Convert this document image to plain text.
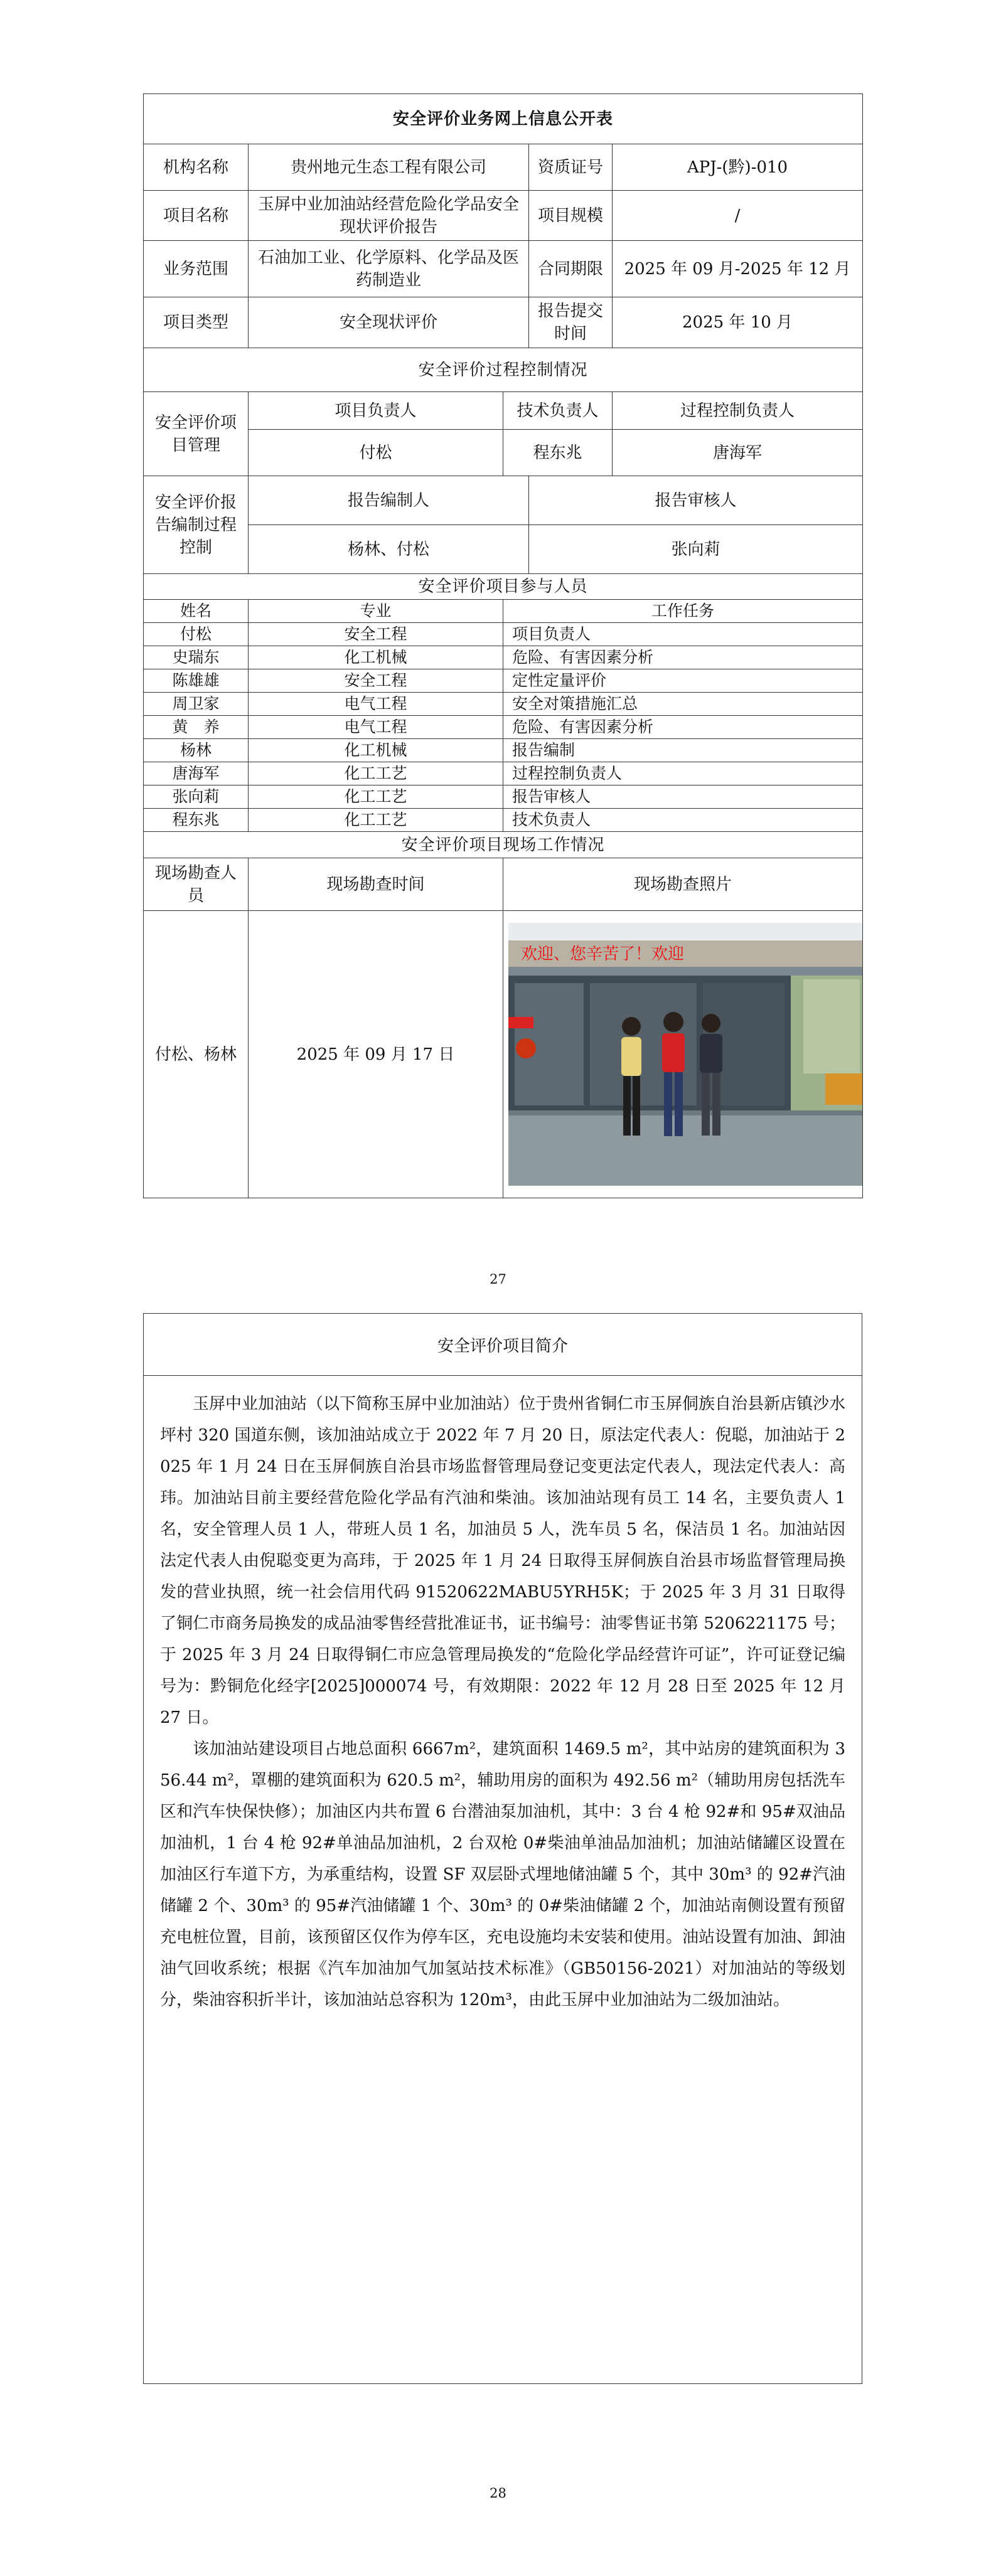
安全评价业务网上信息公开表				
机构名称	贵州地元生态工程有限公司		资质证号	APJ-(黔)-010
项目名称	玉屏中业加油站经营危险化学品安全现状评价报告		项目规模	/
业务范围	石油加工业、化学原料、化学品及医药制造业		合同期限	2025 年 09 月-2025 年 12 月
项目类型	安全现状评价		报告提交时间	2025 年 10 月
安全评价过程控制情况				
安全评价项目管理	项目负责人	技术负责人		过程控制负责人
	付松	程东兆		唐海军
安全评价报告编制过程控制	报告编制人		报告审核人	
	杨林、付松		张向莉	
安全评价项目参与人员				
姓名	专业	工作任务		
付松	安全工程	项目负责人		
史瑞东	化工机械	危险、有害因素分析		
陈雄雄	安全工程	定性定量评价		
周卫家	电气工程	安全对策措施汇总		
黄　养	电气工程	危险、有害因素分析		
杨林	化工机械	报告编制		
唐海军	化工工艺	过程控制负责人		
张向莉	化工工艺	报告审核人		
程东兆	化工工艺	技术负责人		
安全评价项目现场工作情况				
现场勘查人员	现场勘查时间	现场勘查照片		
付松、杨林	2025 年 09 月 17 日	欢迎、您辛苦了！欢迎		
27
安全评价项目简介

玉屏中业加油站（以下简称玉屏中业加油站）位于贵州省铜仁市玉屏侗族自治县新店镇沙水坪村 320 国道东侧，该加油站成立于 2022 年 7 月 20 日，原法定代表人：倪聪，加油站于 2025 年 1 月 24 日在玉屏侗族自治县市场监督管理局登记变更法定代表人，现法定代表人：高玮。加油站目前主要经营危险化学品有汽油和柴油。该加油站现有员工 14 名，主要负责人 1 名，安全管理人员 1 人，带班人员 1 名，加油员 5 人，洗车员 5 名，保洁员 1 名。加油站因法定代表人由倪聪变更为高玮，于 2025 年 1 月 24 日取得玉屏侗族自治县市场监督管理局换发的营业执照，统一社会信用代码 91520622MABU5YRH5K；于 2025 年 3 月 31 日取得了铜仁市商务局换发的成品油零售经营批准证书，证书编号：油零售证书第 5206221175 号；于 2025 年 3 月 24 日取得铜仁市应急管理局换发的“危险化学品经营许可证”，许可证登记编号为：黔铜危化经字[2025]000074 号，有效期限：2022 年 12 月 28 日至 2025 年 12 月 27 日。

该加油站建设项目占地总面积 6667m²，建筑面积 1469.5 m²，其中站房的建筑面积为 356.44 m²，罩棚的建筑面积为 620.5 m²，辅助用房的面积为 492.56 m²（辅助用房包括洗车区和汽车快保快修）；加油区内共布置 6 台潜油泵加油机，其中：3 台 4 枪 92#和 95#双油品加油机，1 台 4 枪 92#单油品加油机，2 台双枪 0#柴油单油品加油机；加油站储罐区设置在加油区行车道下方，为承重结构，设置 SF 双层卧式埋地储油罐 5 个，其中 30m³ 的 92#汽油储罐 2 个、30m³ 的 95#汽油储罐 1 个、30m³ 的 0#柴油储罐 2 个，加油站南侧设置有预留充电桩位置，目前，该预留区仅作为停车区，充电设施均未安装和使用。油站设置有加油、卸油油气回收系统；根据《汽车加油加气加氢站技术标准》（GB50156-2021）对加油站的等级划分，柴油容积折半计，该加油站总容积为 120m³，由此玉屏中业加油站为二级加油站。

28
